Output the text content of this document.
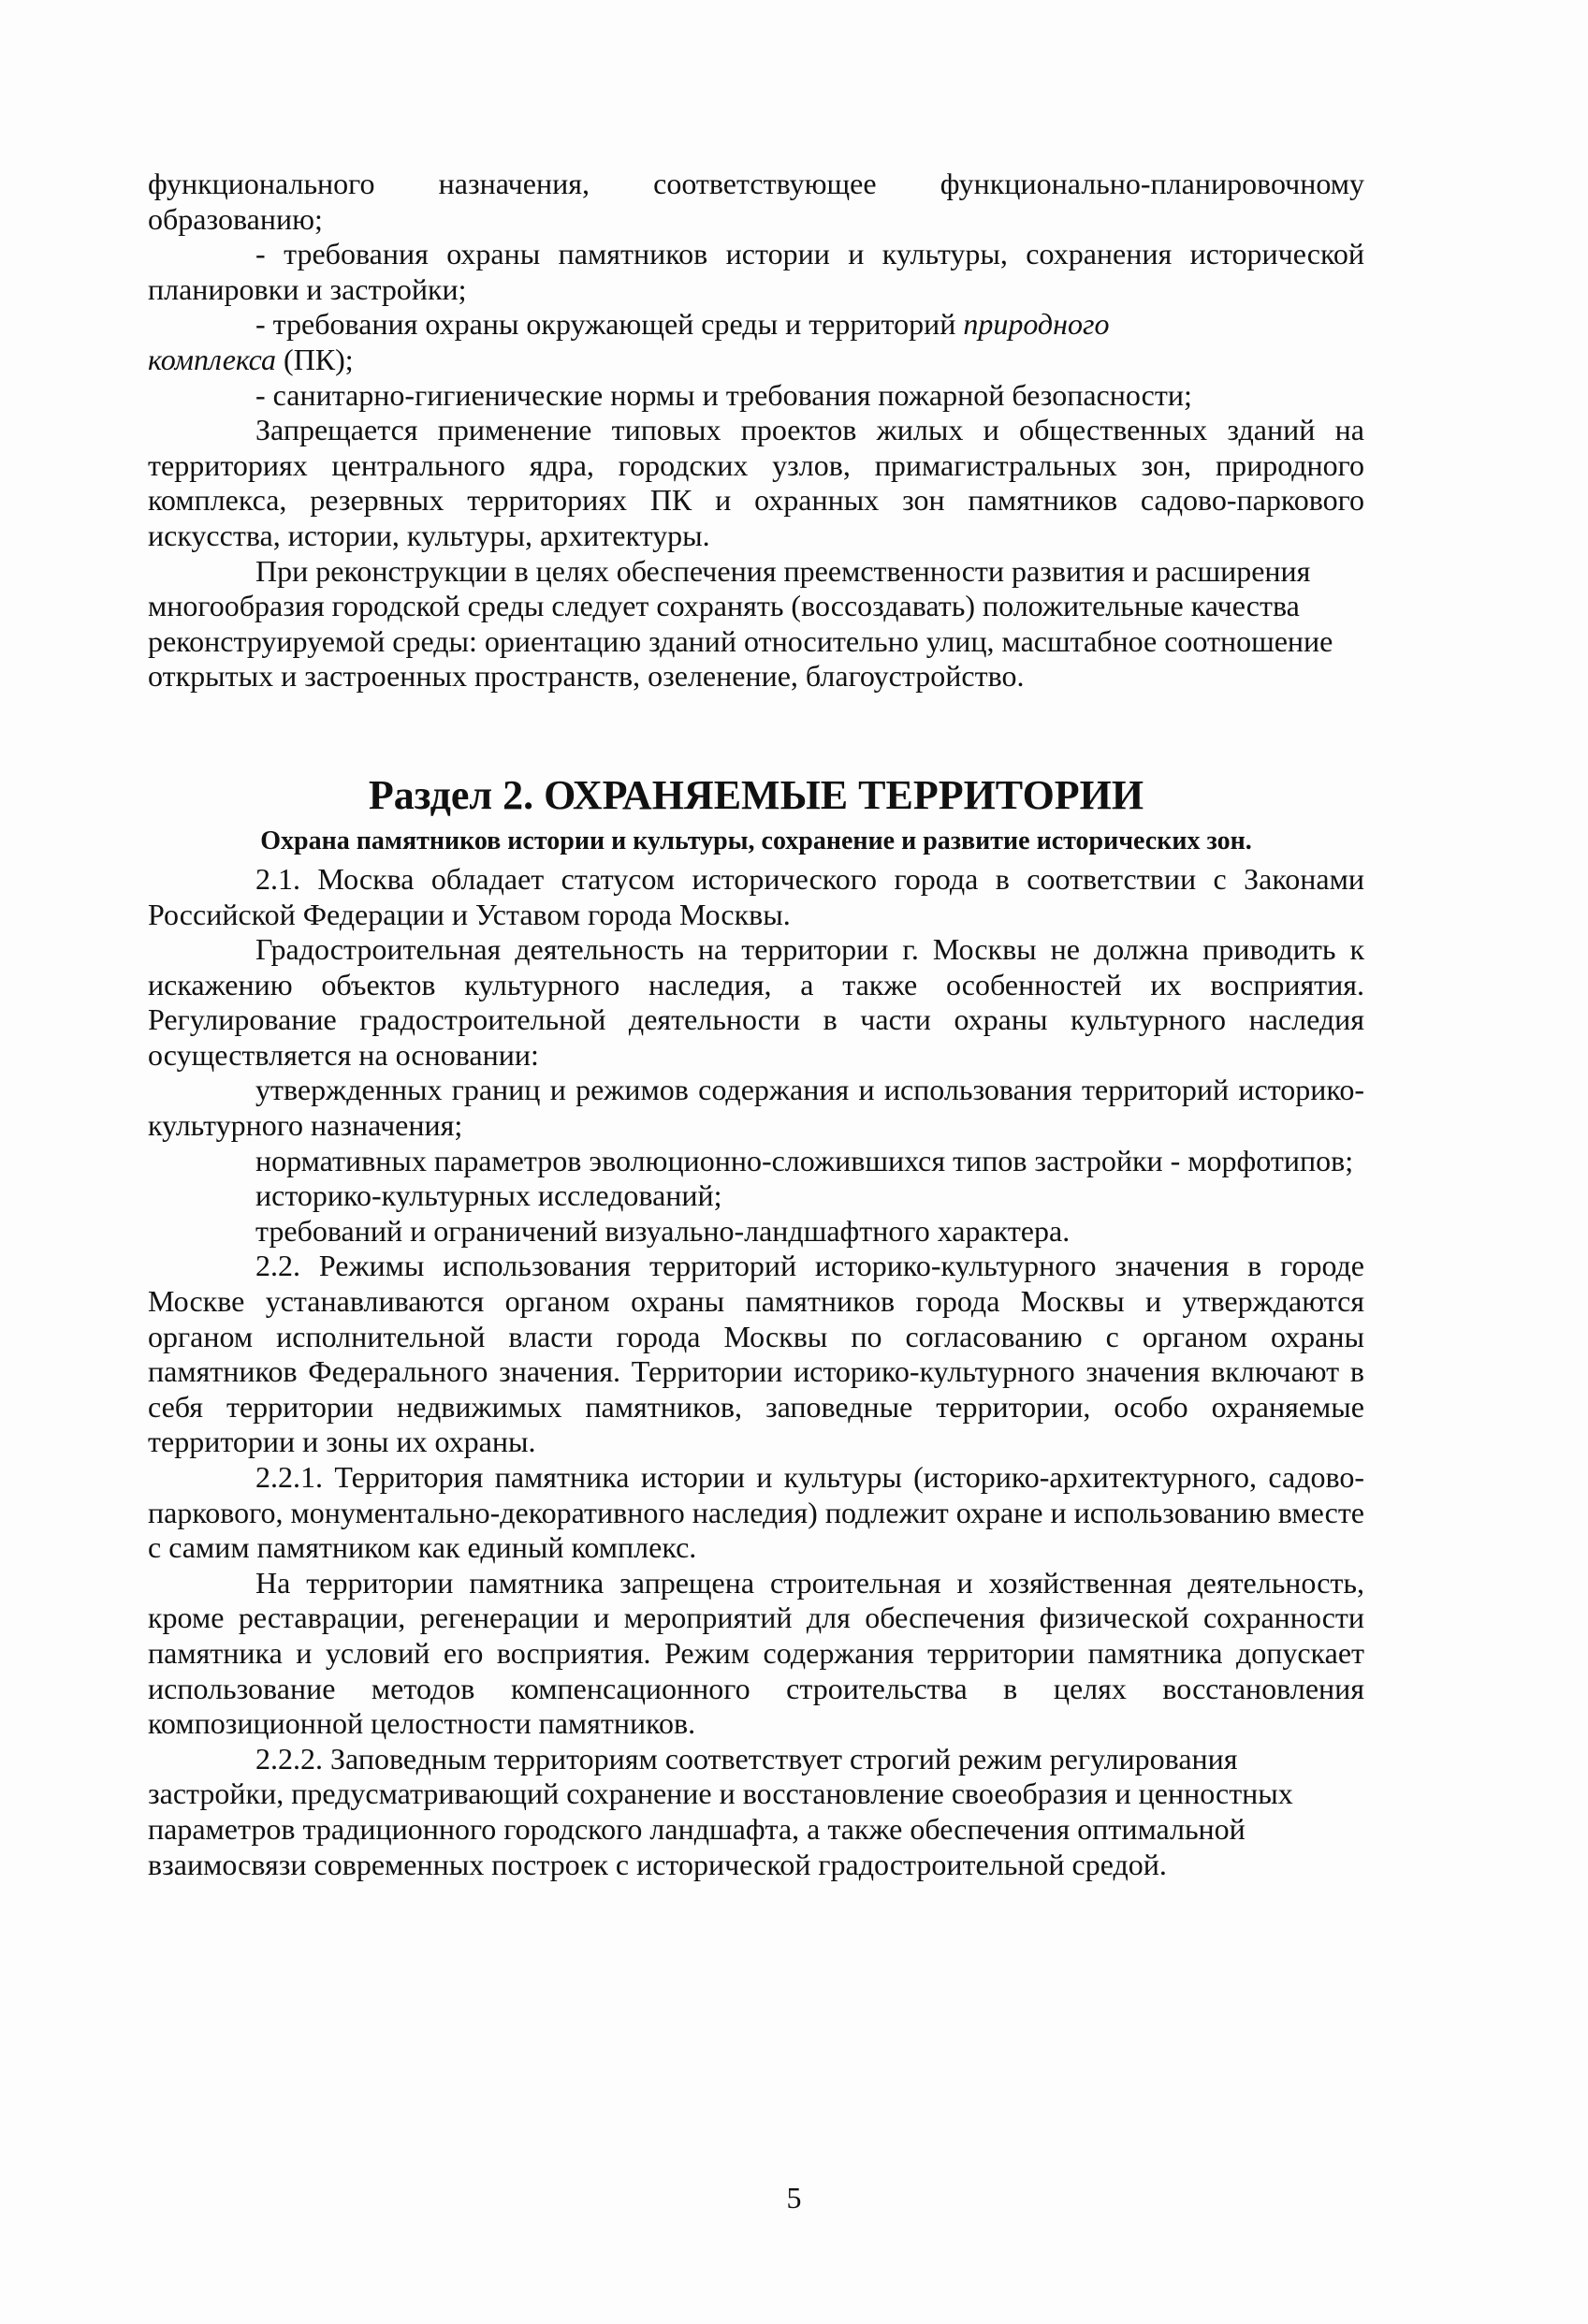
функционального назначения, соответствующее функционально-планировочному образованию;

- требования охраны памятников истории и культуры, сохранения исторической планировки и застройки;

- требования охраны окружающей среды и территорий природного

комплекса (ПК);

- санитарно-гигиенические нормы и требования пожарной безопасности;

Запрещается применение типовых проектов жилых и общественных зданий на территориях центрального ядра, городских узлов, примагистральных зон, природного комплекса, резервных территориях ПК и охранных зон памятников садово-паркового искусства, истории, культуры, архитектуры.

При реконструкции в целях обеспечения преемственности развития и расширения многообразия городской среды следует сохранять (воссоздавать) положительные качества реконструируемой среды: ориентацию зданий относительно улиц, масштабное соотношение открытых и застроенных пространств, озеленение, благоустройство.

Раздел 2. ОХРАНЯЕМЫЕ ТЕРРИТОРИИ
Охрана памятников истории и культуры, сохранение и развитие исторических зон.

2.1. Москва обладает статусом исторического города в соответствии с Законами Российской Федерации и Уставом города Москвы.

Градостроительная деятельность на территории г. Москвы не должна приводить к искажению объектов культурного наследия, а также особенностей их восприятия. Регулирование градостроительной деятельности в части охраны культурного наследия осуществляется на основании:

утвержденных границ и режимов содержания и использования территорий историко-культурного назначения;

нормативных параметров эволюционно-сложившихся типов застройки - морфотипов;

историко-культурных исследований;

требований и ограничений визуально-ландшафтного характера.

2.2. Режимы использования территорий историко-культурного значения в городе Москве устанавливаются органом охраны памятников города Москвы и утверждаются органом исполнительной власти города Москвы по согласованию с органом охраны памятников Федерального значения. Территории историко-культурного значения включают в себя территории недвижимых памятников, заповедные территории, особо охраняемые территории и зоны их охраны.

2.2.1. Территория памятника истории и культуры (историко-архитектурного, садово-паркового, монументально-декоративного наследия) подлежит охране и использованию вместе с самим памятником как единый комплекс.

На территории памятника запрещена строительная и хозяйственная деятельность, кроме реставрации, регенерации и мероприятий для обеспечения физической сохранности памятника и условий его восприятия. Режим содержания территории памятника допускает использование методов компенсационного строительства в целях восстановления композиционной целостности памятников.

2.2.2. Заповедным территориям соответствует строгий режим регулирования застройки, предусматривающий сохранение и восстановление своеобразия и ценностных параметров традиционного городского ландшафта, а также обеспечения оптимальной взаимосвязи современных построек с исторической градостроительной средой.

5
